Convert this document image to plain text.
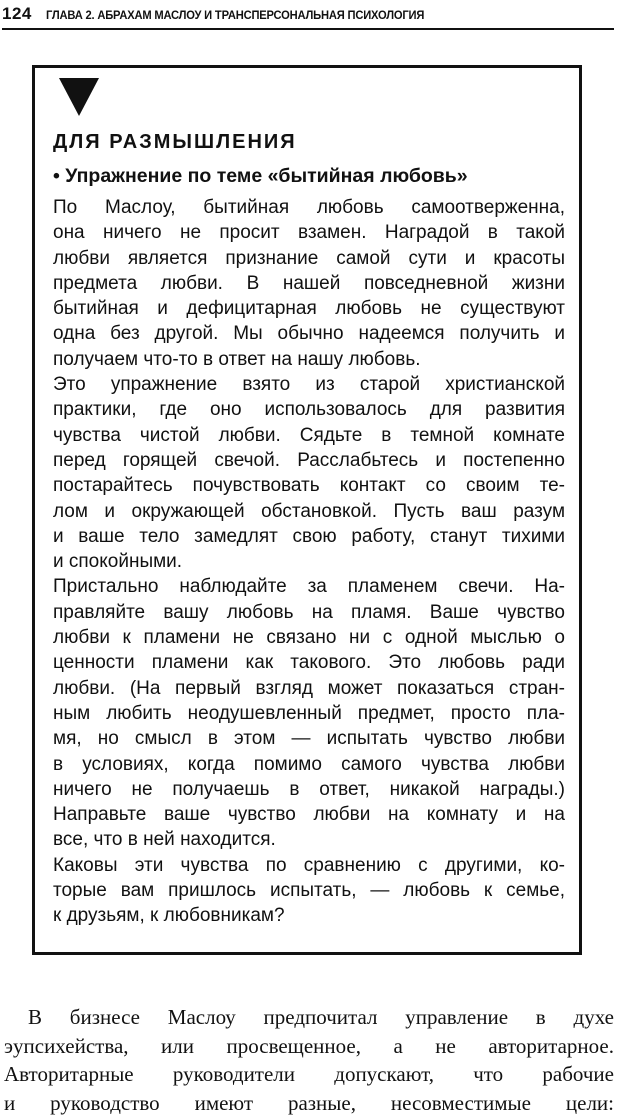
124 ГЛАВА 2. АБРАХАМ МАСЛОУ И ТРАНСПЕРСОНАЛЬНАЯ ПСИХОЛОГИЯ
ДЛЯ РАЗМЫШЛЕНИЯ
• Упражнение по теме «бытийная любовь»
По Маслоу, бытийная любовь самоотверженна,
она ничего не просит взамен. Наградой в такой
любви является признание самой сути и красоты
предмета любви. В нашей повседневной жизни
бытийная и дефицитарная любовь не существуют
одна без другой. Мы обычно надеемся получить и
получаем что-то в ответ на нашу любовь.
Это упражнение взято из старой христианской
практики, где оно использовалось для развития
чувства чистой любви. Сядьте в темной комнате
перед горящей свечой. Расслабьтесь и постепенно
постарайтесь почувствовать контакт со своим те-
лом и окружающей обстановкой. Пусть ваш разум
и ваше тело замедлят свою работу, станут тихими
и спокойными.
Пристально наблюдайте за пламенем свечи. На-
правляйте вашу любовь на пламя. Ваше чувство
любви к пламени не связано ни с одной мыслью о
ценности пламени как такового. Это любовь ради
любви. (На первый взгляд может показаться стран-
ным любить неодушевленный предмет, просто пла-
мя, но смысл в этом — испытать чувство любви
в условиях, когда помимо самого чувства любви
ничего не получаешь в ответ, никакой награды.)
Направьте ваше чувство любви на комнату и на
все, что в ней находится.
Каковы эти чувства по сравнению с другими, ко-
торые вам пришлось испытать, — любовь к семье,
к друзьям, к любовникам?
В бизнесе Маслоу предпочитал управление в духе
эупсихейства, или просвещенное, а не авторитарное.
Авторитарные руководители допускают, что рабочие
и руководство имеют разные, несовместимые цели:
